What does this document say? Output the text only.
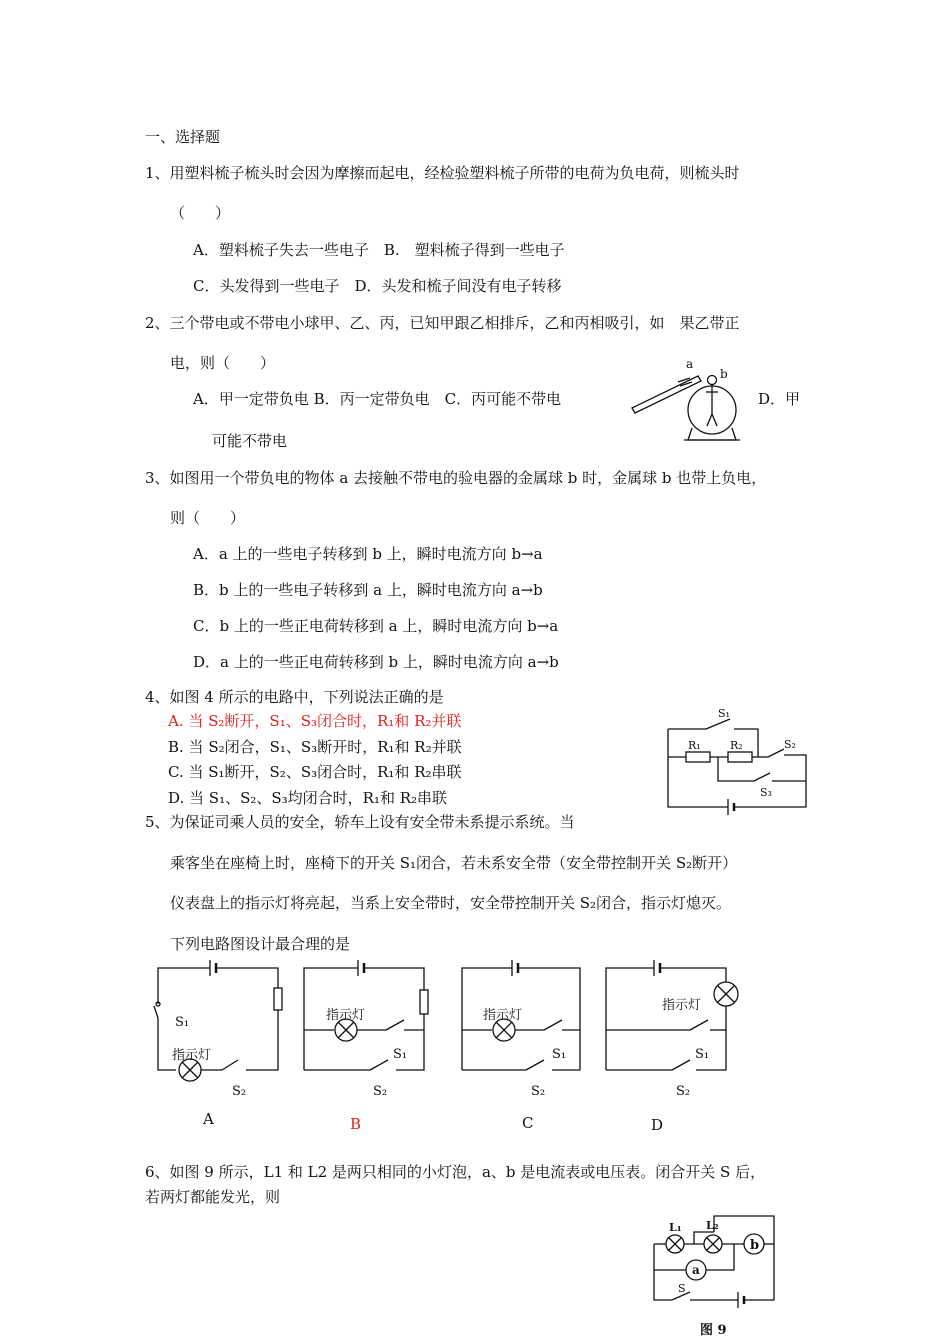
一、选择题
1、用塑料梳子梳头时会因为摩擦而起电，经检验塑料梳子所带的电荷为负电荷，则梳头时
（　　）
A．塑料梳子失去一些电子　B.　塑料梳子得到一些电子
C．头发得到一些电子　D．头发和梳子间没有电子转移
2、三个带电或不带电小球甲、乙、丙，已知甲跟乙相排斥，乙和丙相吸引，如　果乙带正
电，则（　　）
A．甲一定带负电 B．丙一定带负电　C．丙可能不带电	D．甲
可能不带电
a
b
3、如图用一个带负电的物体 a 去接触不带电的验电器的金属球 b 时，金属球 b 也带上负电，
则（　　）
A．a 上的一些电子转移到 b 上，瞬时电流方向 b→a
B．b 上的一些电子转移到 a 上，瞬时电流方向 a→b
C．b 上的一些正电荷转移到 a 上，瞬时电流方向 b→a
D．a 上的一些正电荷转移到 b 上，瞬时电流方向 a→b
4、如图 4 所示的电路中，下列说法正确的是
A. 当 S₂断开，S₁、S₃闭合时，R₁和 R₂并联
B. 当 S₂闭合，S₁、S₃断开时，R₁和 R₂并联
C. 当 S₁断开，S₂、S₃闭合时，R₁和 R₂串联
D. 当 S₁、S₂、S₃均闭合时，R₁和 R₂串联
S₁
R₁	R₂	S₂
S₃
5、为保证司乘人员的安全，轿车上设有安全带未系提示系统。当
乘客坐在座椅上时，座椅下的开关 S₁闭合，若未系安全带（安全带控制开关 S₂断开）
仪表盘上的指示灯将亮起，当系上安全带时，安全带控制开关 S₂闭合，指示灯熄灭。
下列电路图设计最合理的是
S₁
指示灯
S₂
A
指示灯
S₁
S₂
B
指示灯
S₁
S₂
C
指示灯
S₁
S₂
D
6、如图 9 所示，L1 和 L2 是两只相同的小灯泡，a、b 是电流表或电压表。闭合开关 S 后，
若两灯都能发光，则
L₁ L₂
b
a
S
图 9
